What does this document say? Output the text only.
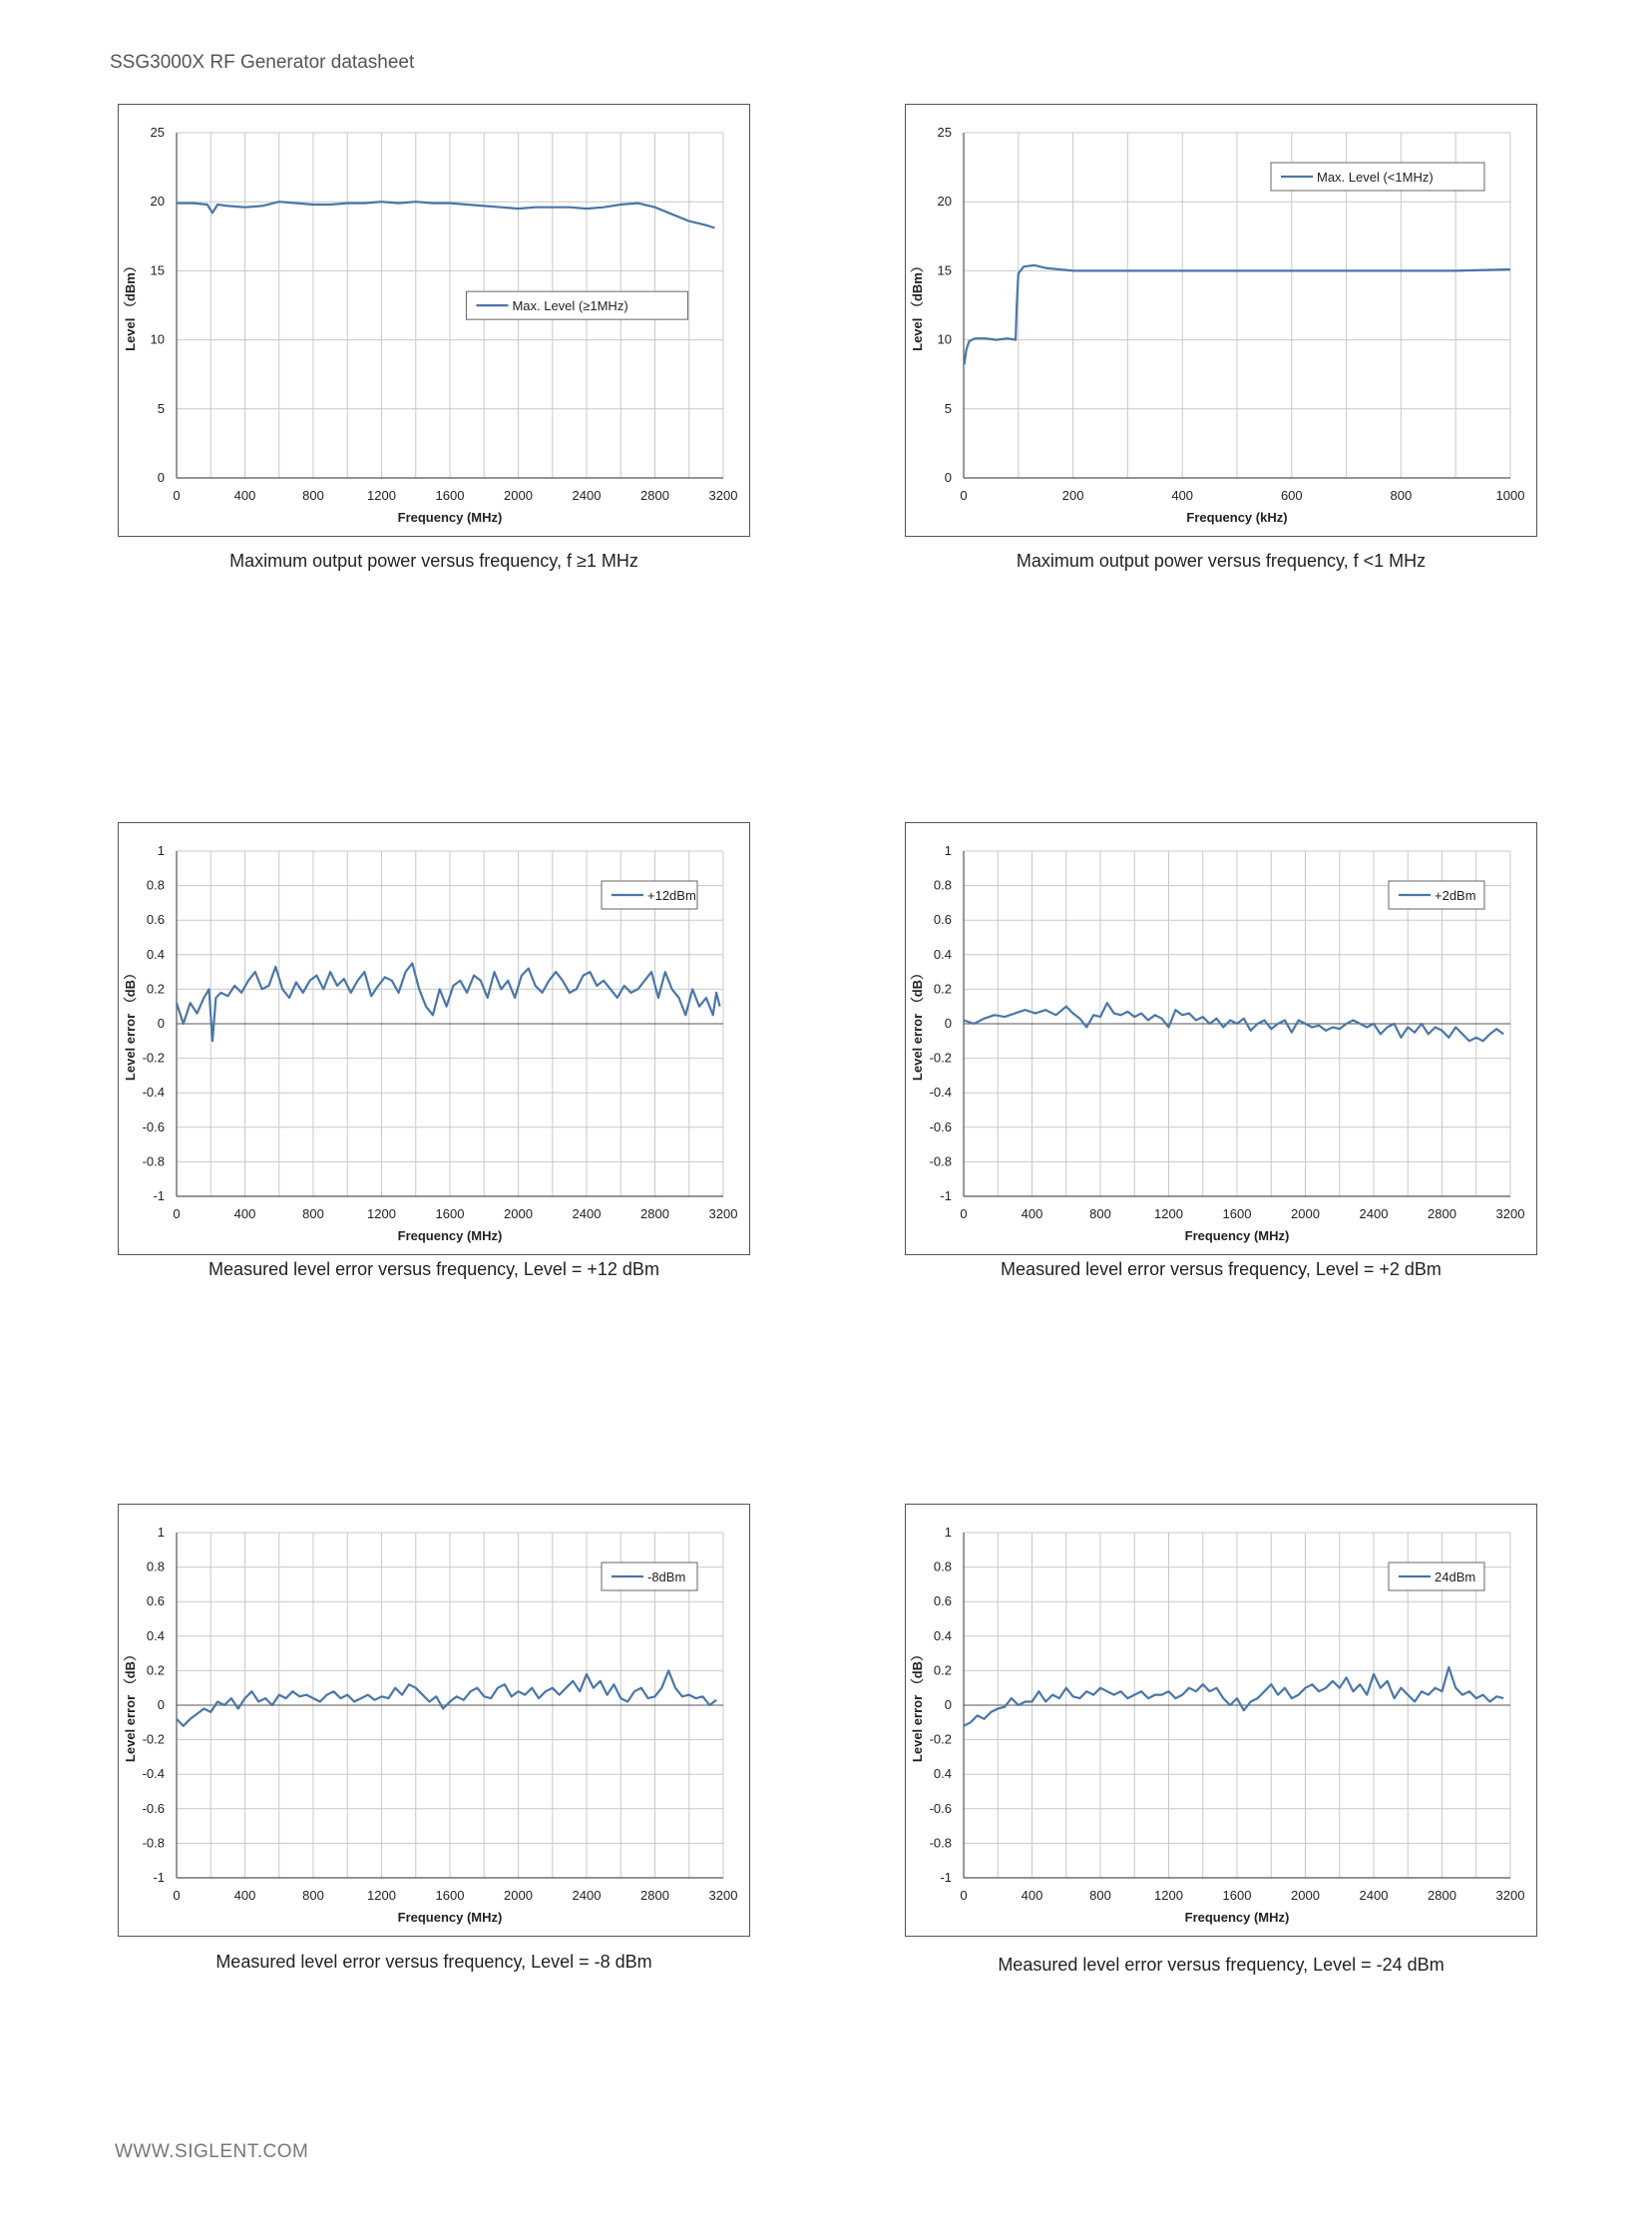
SSG3000X RF Generator datasheet
0	400	800	1200	1600	2000	2400	2800	3200
0
5
10
15
20
25
Frequency (MHz)
Level （dBm）	Max. Level (≥1MHz)
Maximum output power versus frequency, f ≥1 MHz
0	200	400	600	800	1000
0
5
10
15
20
25
Frequency (kHz)
Level （dBm）
Max. Level (<1MHz)
Maximum output power versus frequency, f <1 MHz
0	400	800	1200	1600	2000	2400	2800	3200
-1
-0.8
-0.6
-0.4
-0.2
0
0.2
0.4
0.6
0.8
1
Frequency (MHz)
Level error （dB）
+12dBm
Measured level error versus frequency, Level = +12 dBm
0	400	800	1200	1600	2000	2400	2800	3200
-1
-0.8
-0.6
-0.4
-0.2
0
0.2
0.4
0.6
0.8
1
Frequency (MHz)
Level error （dB）
+2dBm
Measured level error versus frequency, Level = +2 dBm
0	400	800	1200	1600	2000	2400	2800	3200
-1
-0.8
-0.6
-0.4
-0.2
0
0.2
0.4
0.6
0.8
1
Frequency (MHz)
Level error （dB）
-8dBm
Measured level error versus frequency, Level = -8 dBm
0	400	800	1200	1600	2000	2400	2800	3200
-1
-0.8
-0.6
0.4
-0.2
0
0.2
0.4
0.6
0.8
1
Frequency (MHz)
Level error （dB）
24dBm
Measured level error versus frequency, Level = -24 dBm
WWW.SIGLENT.COM
